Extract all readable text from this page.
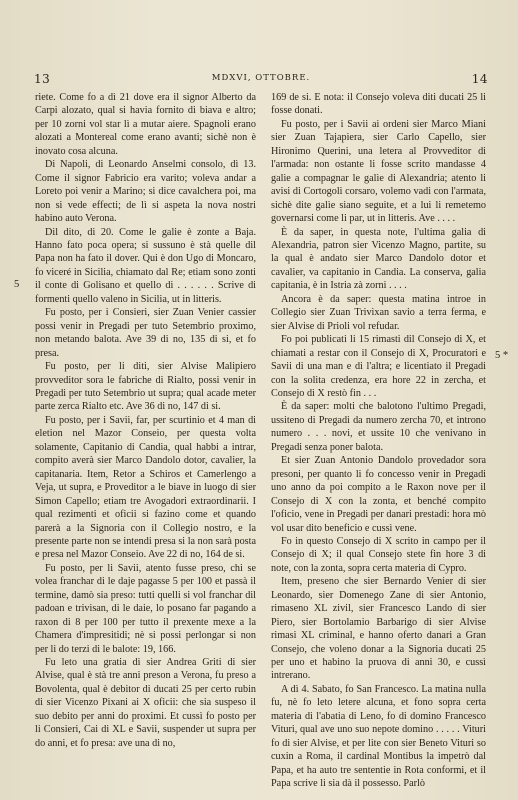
13	MDXVI, OTTOBRE.	14
5
5 *

riete. Come fo a dì 21 dove era il signor Alberto da Carpi alozato, qual si havia fornito di biava e altro; per 10 zorni vol star lì a mutar aiere. Spagnoli erano alozati a Montereal come erano avanti; sichè non è inovato cosa alcuna.

Di Napoli, di Leonardo Anselmi consolo, dì 13. Come il signor Fabricio era varito; voleva andar a Loreto poi venir a Marino; si dice cavalchera poi, ma non si vede effecti; de lì si aspeta la nova nostri habino auto Verona.

Dil dito, di 20. Come le galie è zonte a Baja. Hanno fato poca opera; si sussuno è stà quelle dil Papa non ha fato il dover. Qui è don Ugo di Moncaro, fo viceré in Sicilia, chiamato dal Re; etiam sono zonti il conte di Golisano et quello di . . . . . . Scrive di formenti quello valeno in Sicilia, ut in litteris.

Fu posto, per i Consieri, sier Zuan Venier cassier possi venir in Pregadi per tuto Setembrio proximo, non metando balota. Ave 39 di no, 135 di si, et fo presa.

Fu posto, per li diti, sier Alvise Malipiero provveditor sora le fabriche di Rialto, possi venir in Pregadi per tuto Setembrio ut supra; qual acade meter parte zerca Rialto etc. Ave 36 di no, 147 di si.

Fu posto, per i Savii, far, per scurtinio et 4 man di eletion nel Mazor Conseio, per questa volta solamente, Capitanio di Candia, qual habbi a intrar, compito averà sier Marco Dandolo dotor, cavalier, la capitanaria. Item, Retor a Schiros et Camerlengo a Veja, ut supra, e Proveditor a le biave in luogo di sier Simon Capello; etiam tre Avogadori extraordinarii. I qual rezimenti et oficii si fazino come et quando parerà a la Signoria con il Collegio nostro, e la presente parte non se intendi presa si la non sarà posta e presa nel Mazor Conseio. Ave 22 di no, 164 de si.

Fu posto, per li Savii, atento fusse preso, chi se volea franchar di le daje pagasse 5 per 100 et passà il termine, damò sia preso: tutti quelli si vol franchar dil padoan e trivisan, di le daie, lo posano far pagando a raxon di 8 per 100 per tutto il prexente mexe a la Chamera d'impresitidi; nè si possi perlongar si non per li do terzi di le balote: 19, 166.

Fu leto una gratia di sier Andrea Griti di sier Alvise, qual è stà tre anni preson a Verona, fu preso a Bovolenta, qual è debitor di ducati 25 per certo rubin di sier Vicenzo Pixani ai X oficii: che sia suspeso il suo debito per anni do proximi. Et cussì fo posto per li Consieri, Cai di XL e Savii, suspender ut supra per do anni, et fo presa: ave una di no,

169 de si. E nota: il Consejo voleva diti ducati 25 li fosse donati.

Fu posto, per i Savii ai ordeni sier Marco Miani sier Zuan Tajapiera, sier Carlo Capello, sier Hironimo Querini, una letera al Provveditor di l'armada: non ostante li fosse scrito mandasse 4 galìe a compagnar le galìe di Alexandria; atento li avisi di Cortogoli corsaro, volemo vadi con l'armata, sichè dite galìe siano seguite, et a lui li remetemo governarsi come li par, ut in litteris. Ave . . . .

È da saper, in questa note, l'ultima galia di Alexandria, patron sier Vicenzo Magno, partite, su la qual è andato sier Marco Dandolo dotor et cavalier, va capitanio in Candia. La conserva, galia capitania, è in Istria zà zorni . . . .

Ancora è da saper: questa matina introe in Collegio sier Zuan Trivixan savio a terra ferma, e sier Alvise di Prioli vol refudar.

Fo poi publicati li 15 rimasti dil Consejo di X, et chiamati a restar con il Consejo di X, Procuratori e Savii di una man e di l'altra; e licentiato il Pregadi con la solita credenza, era hore 22 in zercha, et Consejo di X restò fin . . .

È da saper: molti che balotono l'ultimo Pregadi, ussiteno di Pregadi da numero zercha 70, et introno numero . . . novi, et ussite 10 che venivano in Pregadi senza poner balota.

Et sier Zuan Antonio Dandolo provedador sora presoni, per quanto li fo concesso venir in Pregadi uno anno da poi compito a le Raxon nove per il Consejo di X con la zonta, et benché compito l'oficio, vene in Pregadi per danari prestadi: hora mò vol usar dito beneficio e cussì vene.

Fo in questo Consejo di X scrito in campo per il Consejo di X; il qual Consejo stete fin hore 3 di note, con la zonta, sopra certa materia di Cypro.

Item, preseno che sier Bernardo Venier di sier Leonardo, sier Domenego Zane di sier Antonio, rimaseno XL zivil, sier Francesco Lando di sier Piero, sier Bortolamio Barbarigo di sier Alvise rimasi XL criminal, e hanno oferto danari a Gran Consejo, che voleno donar a la Signoria ducati 25 per uno et habino la pruova di anni 30, e cussì intrerano.

A dì 4. Sabato, fo San Francesco. La matina nulla fu, nè fo leto letere alcuna, et fono sopra certa materia di l'abatia di Leno, fo di domino Francesco Vituri, qual ave uno suo nepote domino . . . . . Vituri fo di sier Alvise, et per lite con sier Beneto Vituri so cuxin a Roma, il cardinal Montibus la impetrò dal Papa, et ha auto tre sententie in Rota conformi, et il Papa scrive li sia dà il possesso. Parlò
